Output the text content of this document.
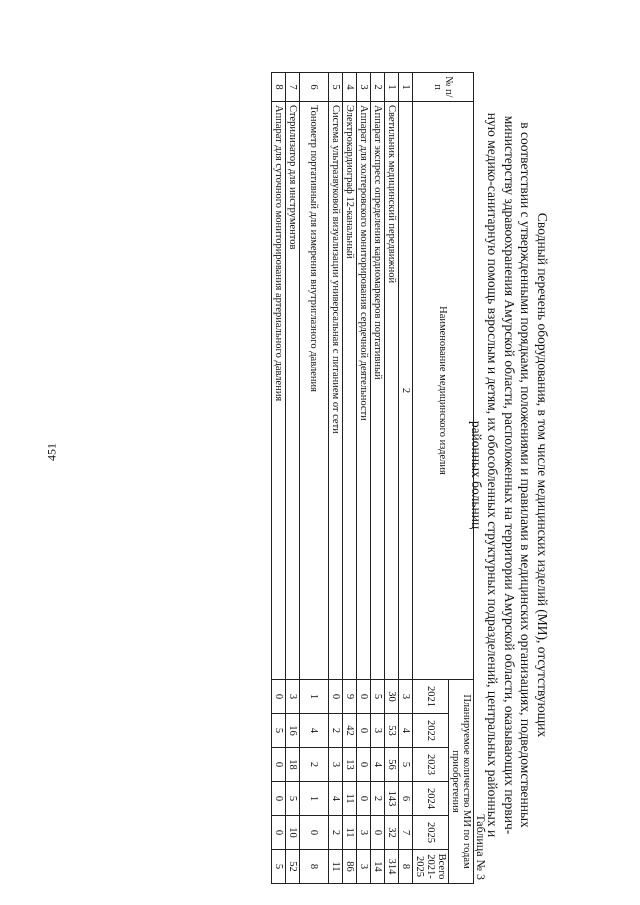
451	Сводный перечень оборудования, в том числе медицинских изделий (МИ), отсутствующих
в соответствии с утвержденными порядками, положениями и правилами в медицинских организациях, подведомственных
министерству здравоохранения Амурской области, расположенных на территории Амурской области, оказывающих первич-
ную медико-санитарную помощь взрослым и детям, их обособленных структурных подразделений, центральных районных и
районных больниц
Таблица № 3
№ п/п	Наименование медицинского изделия	Планируемое количество МИ по годам приобретения					
		2021	2022	2023	2024	2025	Всего 2021-2025
1	2	3	4	5	6	7	8
1	Светильник медицинский передвижной	30	53	56	143	32	314
2	Аппарат экспресс определения кардиомаркеров портативный	5	3	4	2	0	14
3	Аппарат для холтеровского мониторирования сердечной деятельности	0	0	0	0	3	3
4	Электрокардиограф 12-канальный	9	42	13	11	11	86
5	Система ультразвуковой визуализации универсальная с питанием от сети	0	2	3	4	2	11
6	Тонометр портативный для измерения внутриглазного давления	1	4	2	1	0	8
7	Стерилизатор для инструментов	3	16	18	5	10	52
8	Аппарат для суточного мониторирования артериального давления	0	5	0	0	0	5
